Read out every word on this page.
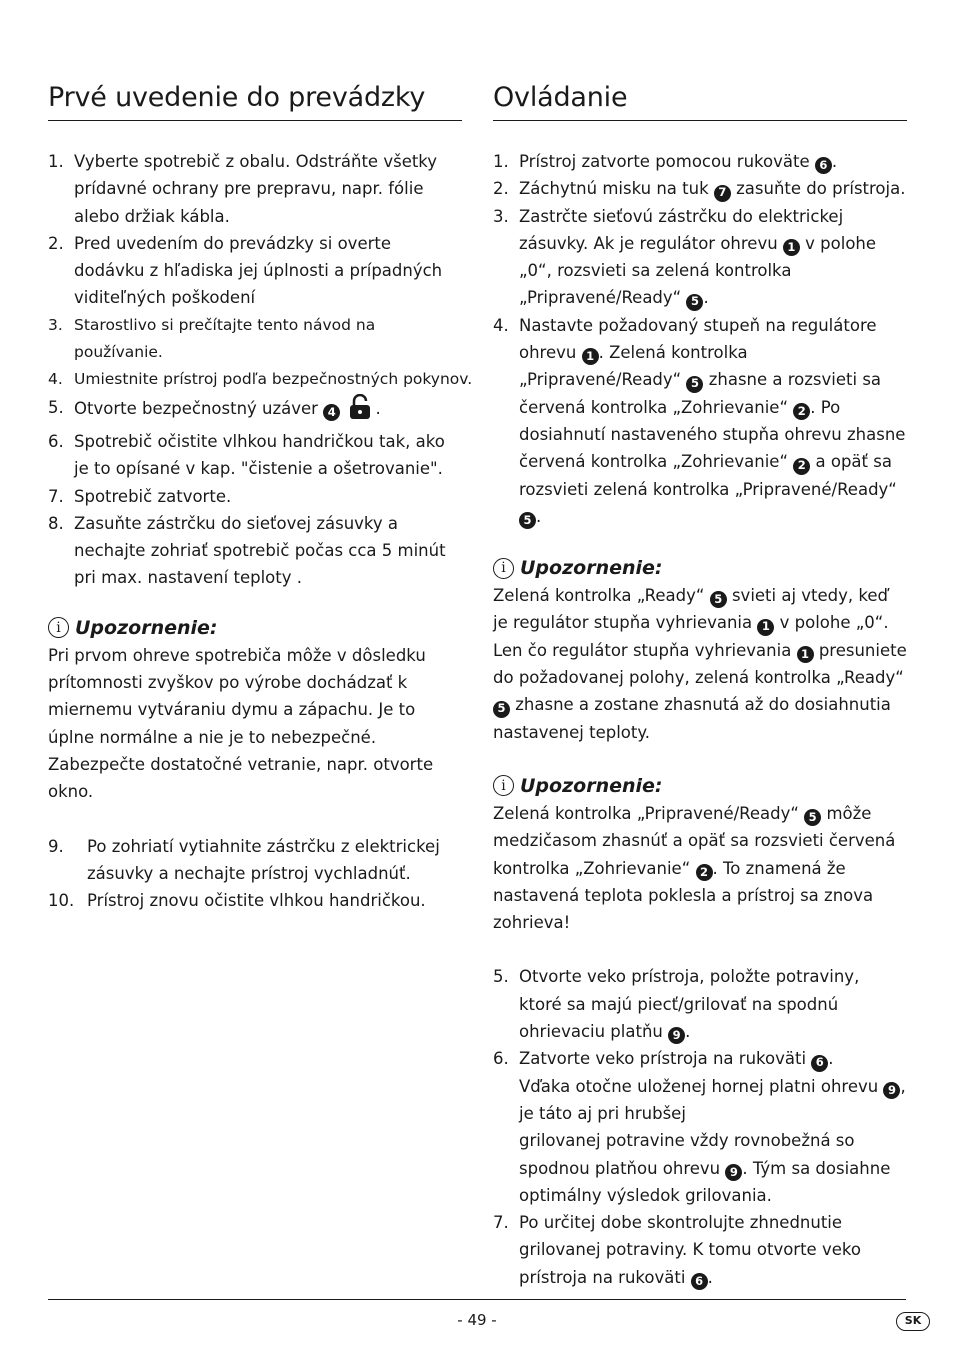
Prvé uvedenie do prevádzky
1. Vyberte spotrebič z obalu. Odstráňte všetky prídavné ochrany pre prepravu, napr. fólie alebo držiak kábla.
2. Pred uvedením do prevádzky si overte dodávku z hľadiska jej úplnosti a prípadných viditeľných poškodení
3. Starostlivo si prečítajte tento návod na používanie.
4. Umiestnite prístroj podľa bezpečnostných pokynov.
5. Otvorte bezpečnostný uzáver 4 .
6. Spotrebič očistite vlhkou handričkou tak, ako je to opísané v kap. "čistenie a ošetrovanie".
7. Spotrebič zatvorte.
8. Zasuňte zástrčku do sieťovej zásuvky a nechajte zohriať spotrebič počas cca 5 minút pri max. nastavení teploty .
i Upozornenie:
Pri prvom ohreve spotrebiča môže v dôsledku prítomnosti zvyškov po výrobe dochádzať k miernemu vytváraniu dymu a zápachu. Je to úplne normálne a nie je to nebezpečné. Zabezpečte dostatočné vetranie, napr. otvorte okno.
9. Po zohriatí vytiahnite zástrčku z elektrickej zásuvky a nechajte prístroj vychladnúť.
10. Prístroj znovu očistite vlhkou handričkou.
Ovládanie
1. Prístroj zatvorte pomocou rukoväte 6 .
2. Záchytnú misku na tuk 7 zasuňte do prístroja.
3. Zastrčte sieťovú zástrčku do elektrickej zásuvky. Ak je regulátor ohrevu 1 v polohe „0“, rozsvieti sa zelená kontrolka „Pripravené/Ready“ 5 .
4. Nastavte požadovaný stupeň na regulátore ohrevu 1 . Zelená kontrolka „Pripravené/Ready“ 5 zhasne a rozsvieti sa červená kontrolka „Zohrievanie“ 2 . Po dosiahnutí nastaveného stupňa ohrevu zhasne červená kontrolka „Zohrievanie“ 2 a opäť sa rozsvieti zelená kontrolka „Pripravené/Ready“ 5 .
i Upozornenie:
Zelená kontrolka „Ready“ 5 svieti aj vtedy, keď je regulátor stupňa vyhrievania 1 v polohe „0“. Len čo regulátor stupňa vyhrievania 1 presuniete do požadovanej polohy, zelená kontrolka „Ready“ 5 zhasne a zostane zhasnutá až do dosiahnutia nastavenej teploty.
i Upozornenie:
Zelená kontrolka „Pripravené/Ready“ 5 môže medzičasom zhasnúť a opäť sa rozsvieti červená kontrolka „Zohrievanie“ 2 . To znamená že nastavená teplota poklesla a prístroj sa znova zohrieva!
5. Otvorte veko prístroja, položte potraviny, ktoré sa majú piecť/grilovať na spodnú ohrievaciu platňu 9 .
6. Zatvorte veko prístroja na rukoväti 6 .
Vďaka otočne uloženej hornej platni ohrevu 9 , je táto aj pri hrubšej
grilovanej potravine vždy rovnobežná so spodnou platňou ohrevu 9 . Tým sa dosiahne optimálny výsledok grilovania.
7. Po určitej dobe skontrolujte zhnednutie grilovanej potraviny. K tomu otvorte veko prístroja na rukoväti 6 .
- 49 -	SK
